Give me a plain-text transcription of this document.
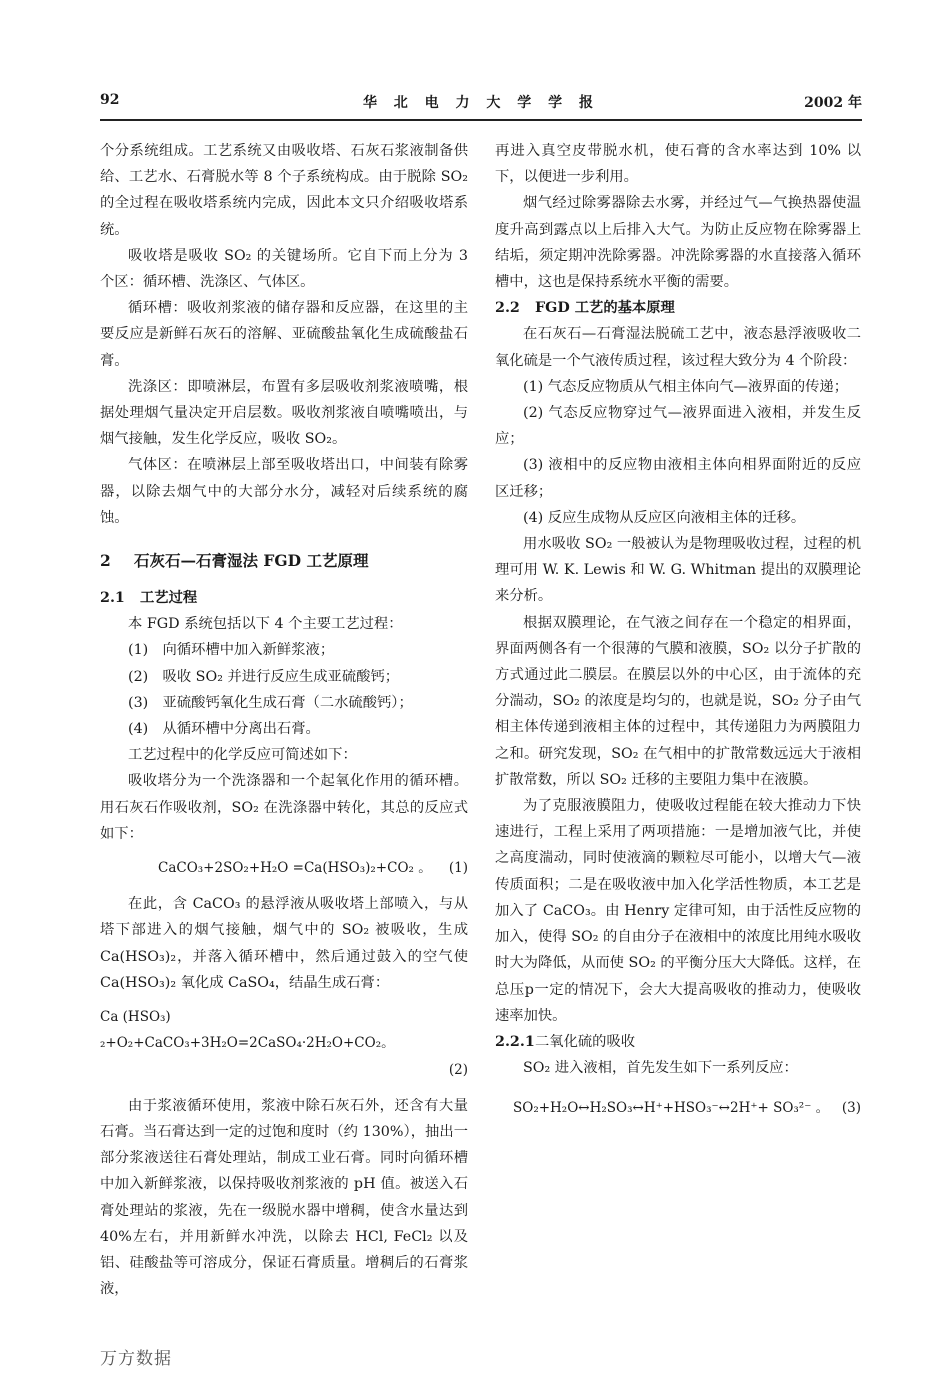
92	华 北 电 力 大 学 学 报	2002 年

个分系统组成。工艺系统又由吸收塔、石灰石浆液制备供给、工艺水、石膏脱水等 8 个子系统构成。由于脱除 SO₂ 的全过程在吸收塔系统内完成，因此本文只介绍吸收塔系统。

吸收塔是吸收 SO₂ 的关键场所。它自下而上分为 3 个区：循环槽、洗涤区、气体区。

循环槽：吸收剂浆液的储存器和反应器，在这里的主要反应是新鲜石灰石的溶解、亚硫酸盐氧化生成硫酸盐石膏。

洗涤区：即喷淋层，布置有多层吸收剂浆液喷嘴，根据处理烟气量决定开启层数。吸收剂浆液自喷嘴喷出，与烟气接触，发生化学反应，吸收 SO₂。

气体区：在喷淋层上部至吸收塔出口，中间装有除雾器，以除去烟气中的大部分水分，减轻对后续系统的腐蚀。

2 石灰石—石膏湿法 FGD 工艺原理
2.1 工艺过程

本 FGD 系统包括以下 4 个主要工艺过程：

(1)　向循环槽中加入新鲜浆液；

(2)　吸收 SO₂ 并进行反应生成亚硫酸钙；

(3)　亚硫酸钙氧化生成石膏（二水硫酸钙）；

(4)　从循环槽中分离出石膏。

工艺过程中的化学反应可简述如下：

吸收塔分为一个洗涤器和一个起氧化作用的循环槽。用石灰石作吸收剂，SO₂ 在洗涤器中转化，其总的反应式如下：

CaCO₃+2SO₂+H₂O =Ca(HSO₃)₂+CO₂ 。	(1)

在此，含 CaCO₃ 的悬浮液从吸收塔上部喷入，与从塔下部进入的烟气接触，烟气中的 SO₂ 被吸收，生成 Ca(HSO₃)₂，并落入循环槽中，然后通过鼓入的空气使 Ca(HSO₃)₂ 氧化成 CaSO₄，结晶生成石膏：

Ca (HSO₃) ₂+O₂+CaCO₃+3H₂O=2CaSO₄·2H₂O+CO₂。
(2)

由于浆液循环使用，浆液中除石灰石外，还含有大量石膏。当石膏达到一定的过饱和度时（约 130%），抽出一部分浆液送往石膏处理站，制成工业石膏。同时向循环槽中加入新鲜浆液，以保持吸收剂浆液的 pH 值。被送入石膏处理站的浆液，先在一级脱水器中增稠，使含水量达到 40%左右，并用新鲜水冲洗，以除去 HCl, FeCl₂ 以及铝、硅酸盐等可溶成分，保证石膏质量。增稠后的石膏浆液，

再进入真空皮带脱水机，使石膏的含水率达到 10% 以下，以便进一步利用。

烟气经过除雾器除去水雾，并经过气—气换热器使温度升高到露点以上后排入大气。为防止反应物在除雾器上结垢，须定期冲洗除雾器。冲洗除雾器的水直接落入循环槽中，这也是保持系统水平衡的需要。

2.2 FGD 工艺的基本原理

在石灰石—石膏湿法脱硫工艺中，液态悬浮液吸收二氧化硫是一个气液传质过程，该过程大致分为 4 个阶段：

(1) 气态反应物质从气相主体向气—液界面的传递；

(2) 气态反应物穿过气—液界面进入液相，并发生反应；

(3) 液相中的反应物由液相主体向相界面附近的反应区迁移；

(4) 反应生成物从反应区向液相主体的迁移。

用水吸收 SO₂ 一般被认为是物理吸收过程，过程的机理可用 W. K. Lewis 和 W. G. Whitman 提出的双膜理论来分析。

根据双膜理论，在气液之间存在一个稳定的相界面，界面两侧各有一个很薄的气膜和液膜，SO₂ 以分子扩散的方式通过此二膜层。在膜层以外的中心区，由于流体的充分湍动，SO₂ 的浓度是均匀的，也就是说，SO₂ 分子由气相主体传递到液相主体的过程中，其传递阻力为两膜阻力之和。研究发现，SO₂ 在气相中的扩散常数远远大于液相扩散常数，所以 SO₂ 迁移的主要阻力集中在液膜。

为了克服液膜阻力，使吸收过程能在较大推动力下快速进行，工程上采用了两项措施：一是增加液气比，并使之高度湍动，同时使液滴的颗粒尽可能小，以增大气—液传质面积；二是在吸收液中加入化学活性物质，本工艺是加入了 CaCO₃。由 Henry 定律可知，由于活性反应物的加入，使得 SO₂ 的自由分子在液相中的浓度比用纯水吸收时大为降低，从而使 SO₂ 的平衡分压大大降低。这样，在总压p一定的情况下，会大大提高吸收的推动力，使吸收速率加快。

2.2.1二氧化硫的吸收

SO₂ 进入液相，首先发生如下一系列反应：

SO₂+H₂O↔H₂SO₃↔H⁺+HSO₃⁻↔2H⁺+ SO₃²⁻ 。 (3)
万方数据
